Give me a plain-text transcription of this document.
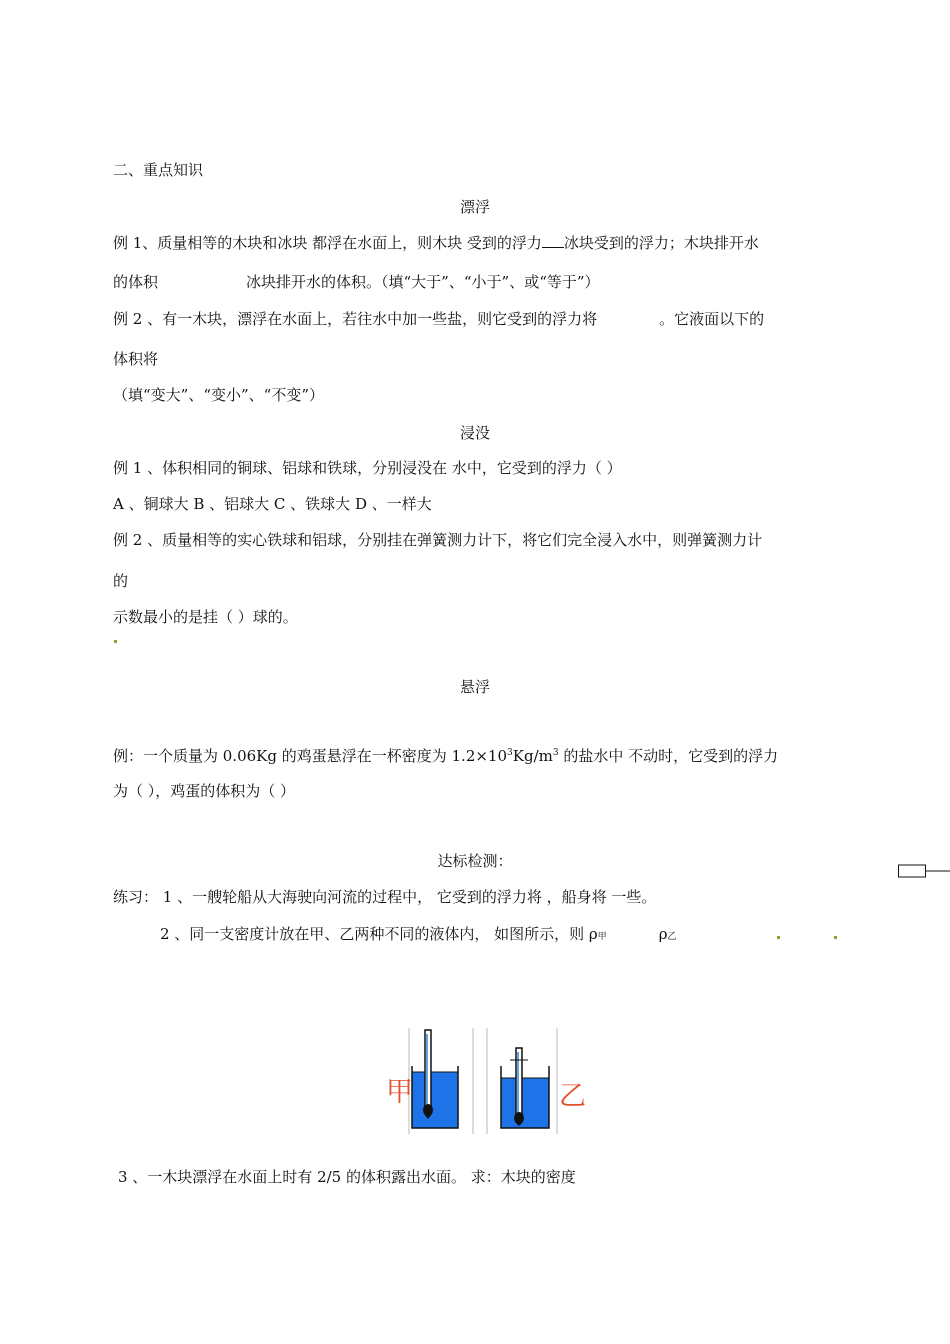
二、重点知识
漂浮
例 1、质量相等的木块和冰块 都浮在水面上，则木块 受到的浮力 冰块受到的浮力；木块排开水
的体积	冰块排开水的体积。（填“大于”、“小于”、或“等于”）
例 2 、有一木块，漂浮在水面上，若往水中加一些盐，则它受到的浮力将	。它液面以下的
体积将
（填“变大”、“变小”、“不变”）
浸没
例 1 、体积相同的铜球、铝球和铁球，分别浸没在 水中，它受到的浮力（ ）
A 、铜球大 B 、铝球大 C 、铁球大 D 、一样大
例 2 、质量相等的实心铁球和铝球，分别挂在弹簧测力计下，将它们完全浸入水中，则弹簧测力计
的
示数最小的是挂（ ）球的。
悬浮
例：一个质量为 0.06Kg 的鸡蛋悬浮在一杯密度为 $1.2\times 10^3Kg/m^3$ 的盐水中 不动时，它受到的浮力
为（ ），鸡蛋的体积为（ ）
达标检测：
练习： 1 、一艘轮船从大海驶向河流的过程中， 它受到的浮力将 ，船身将 一些。
2 、同一支密度计放在甲、乙两种不同的液体内， 如图所示，则 ρ甲	ρ乙
甲	乙
3 、一木块漂浮在水面上时有 2/5 的体积露出水面。 求：木块的密度
